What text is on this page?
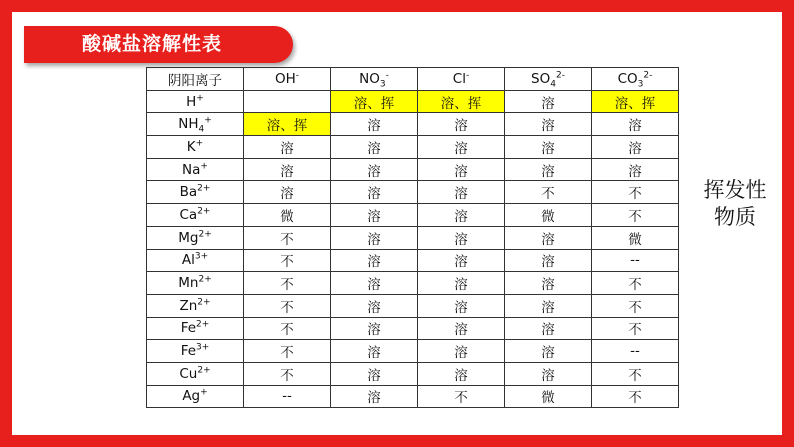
酸碱盐溶解性表
阴阳离子	OH-	$NO_3^-$	Cl-	$SO_4^{2-}$	$CO_3^{2-}$
H+		溶、挥	溶、挥	溶	溶、挥
$NH_4^+$	溶、挥	溶	溶	溶	溶
K+	溶	溶	溶	溶	溶
Na+	溶	溶	溶	溶	溶
$Ba^{2+}$	溶	溶	溶	不	不
$Ca^{2+}$	微	溶	溶	微	不
$Mg^{2+}$	不	溶	溶	溶	微
$Al^{3+}$	不	溶	溶	溶	--
$Mn^{2+}$	不	溶	溶	溶	不
$Zn^{2+}$	不	溶	溶	溶	不
$Fe^{2+}$	不	溶	溶	溶	不
$Fe^{3+}$	不	溶	溶	溶	--
$Cu^{2+}$	不	溶	溶	溶	不
Ag+	--	溶	不	微	不
挥发性
物质
